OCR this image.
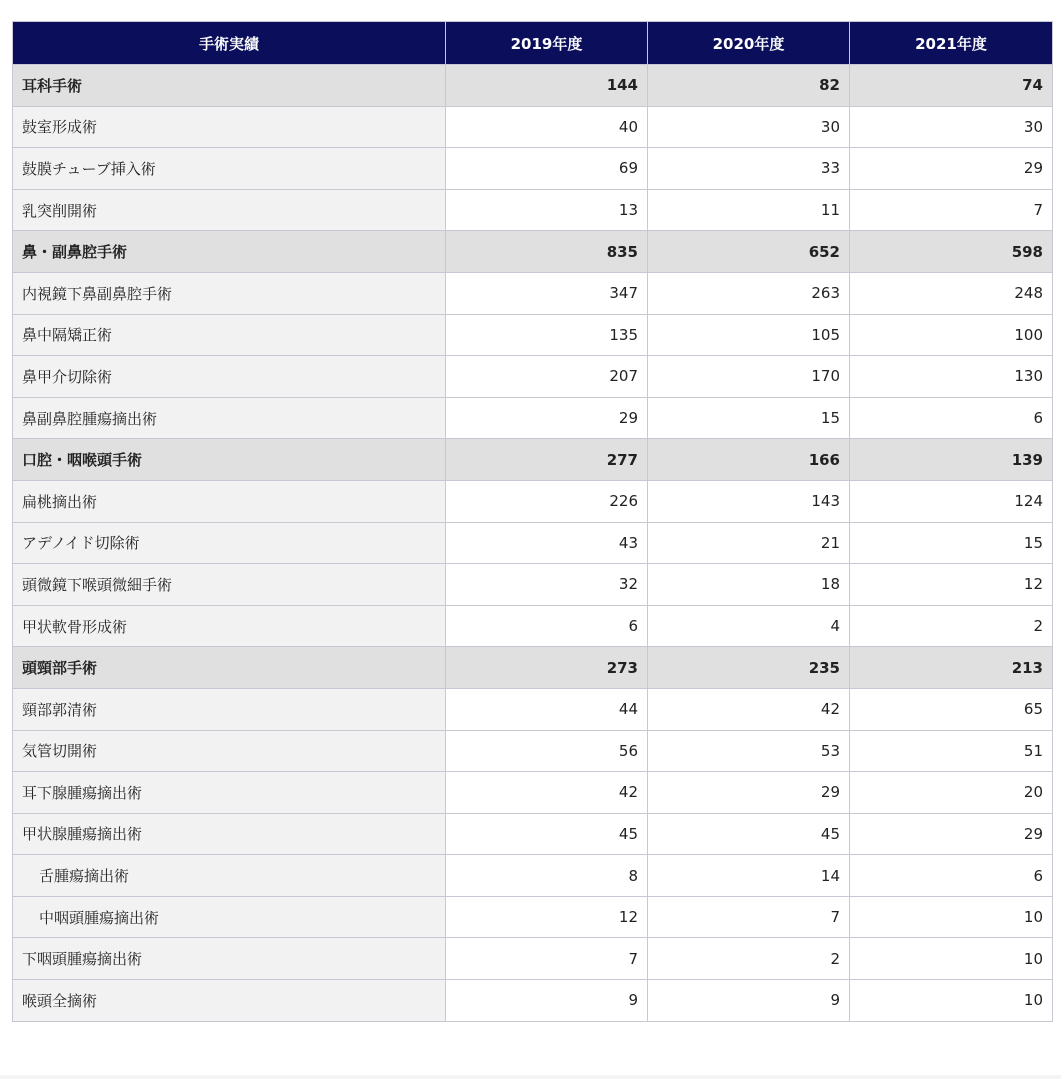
手術実績	2019年度	2020年度	2021年度
耳科手術	144	82	74
鼓室形成術	40	30	30
鼓膜チューブ挿入術	69	33	29
乳突削開術	13	11	7
鼻・副鼻腔手術	835	652	598
内視鏡下鼻副鼻腔手術	347	263	248
鼻中隔矯正術	135	105	100
鼻甲介切除術	207	170	130
鼻副鼻腔腫瘍摘出術	29	15	6
口腔・咽喉頭手術	277	166	139
扁桃摘出術	226	143	124
アデノイド切除術	43	21	15
頭微鏡下喉頭微細手術	32	18	12
甲状軟骨形成術	6	4	2
頭頸部手術	273	235	213
頸部郭清術	44	42	65
気管切開術	56	53	51
耳下腺腫瘍摘出術	42	29	20
甲状腺腫瘍摘出術	45	45	29
舌腫瘍摘出術	8	14	6
中咽頭腫瘍摘出術	12	7	10
下咽頭腫瘍摘出術	7	2	10
喉頭全摘術	9	9	10
